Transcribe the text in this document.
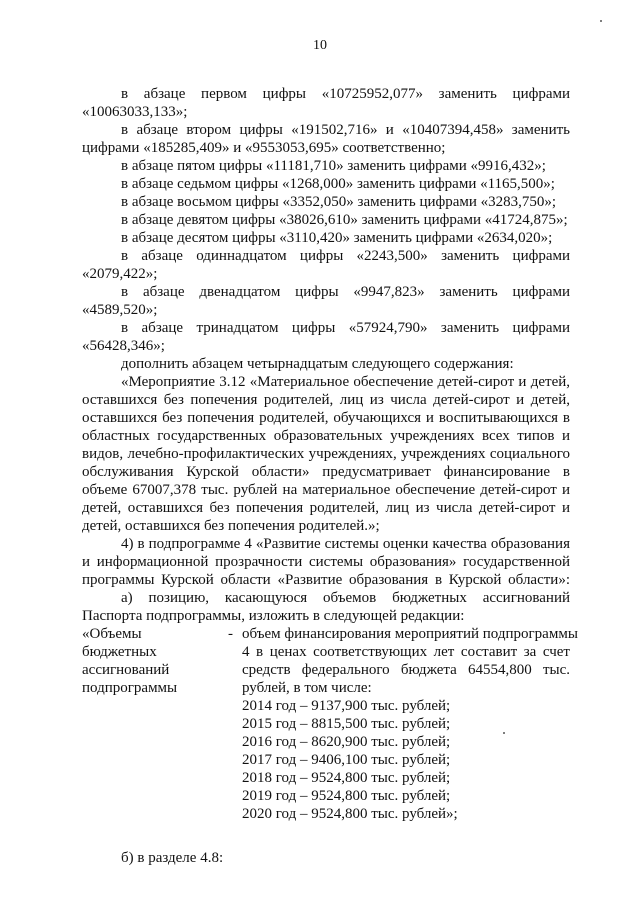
10
в абзаце первом цифры «10725952,077» заменить цифрами
«10063033,133»;
в абзаце втором цифры «191502,716» и «10407394,458» заменить
цифрами «185285,409» и «9553053,695» соответственно;
в абзаце пятом цифры «11181,710» заменить цифрами «9916,432»;
в абзаце седьмом цифры «1268,000» заменить цифрами «1165,500»;
в абзаце восьмом цифры «3352,050» заменить цифрами «3283,750»;
в абзаце девятом цифры «38026,610» заменить цифрами «41724,875»;
в абзаце десятом цифры «3110,420» заменить цифрами «2634,020»;
в абзаце одиннадцатом цифры «2243,500» заменить цифрами
«2079,422»;
в абзаце двенадцатом цифры «9947,823» заменить цифрами
«4589,520»;
в абзаце тринадцатом цифры «57924,790» заменить цифрами
«56428,346»;
дополнить абзацем четырнадцатым следующего содержания:
«Мероприятие 3.12 «Материальное обеспечение детей-сирот и детей,
оставшихся без попечения родителей, лиц из числа детей-сирот и детей,
оставшихся без попечения родителей, обучающихся и воспитывающихся в
областных государственных образовательных учреждениях всех типов и
видов, лечебно-профилактических учреждениях, учреждениях социального
обслуживания Курской области» предусматривает финансирование в
объеме 67007,378 тыс. рублей на материальное обеспечение детей-сирот и
детей, оставшихся без попечения родителей, лиц из числа детей-сирот и
детей, оставшихся без попечения родителей.»;
4) в подпрограмме 4 «Развитие системы оценки качества образования
и информационной прозрачности системы образования» государственной
программы Курской области «Развитие образования в Курской области»:
а) позицию, касающуюся объемов бюджетных ассигнований
Паспорта подпрограммы, изложить в следующей редакции:
«Объемы
бюджетных
ассигнований
подпрограммы
- объем финансирования мероприятий подпрограммы
4 в ценах соответствующих лет составит за счет
средств федерального бюджета 64554,800 тыс.
рублей, в том числе:
2014 год – 9137,900 тыс. рублей;
2015 год – 8815,500 тыс. рублей;
2016 год – 8620,900 тыс. рублей;
2017 год – 9406,100 тыс. рублей;
2018 год – 9524,800 тыс. рублей;
2019 год – 9524,800 тыс. рублей;
2020 год – 9524,800 тыс. рублей»;
б) в разделе 4.8:
